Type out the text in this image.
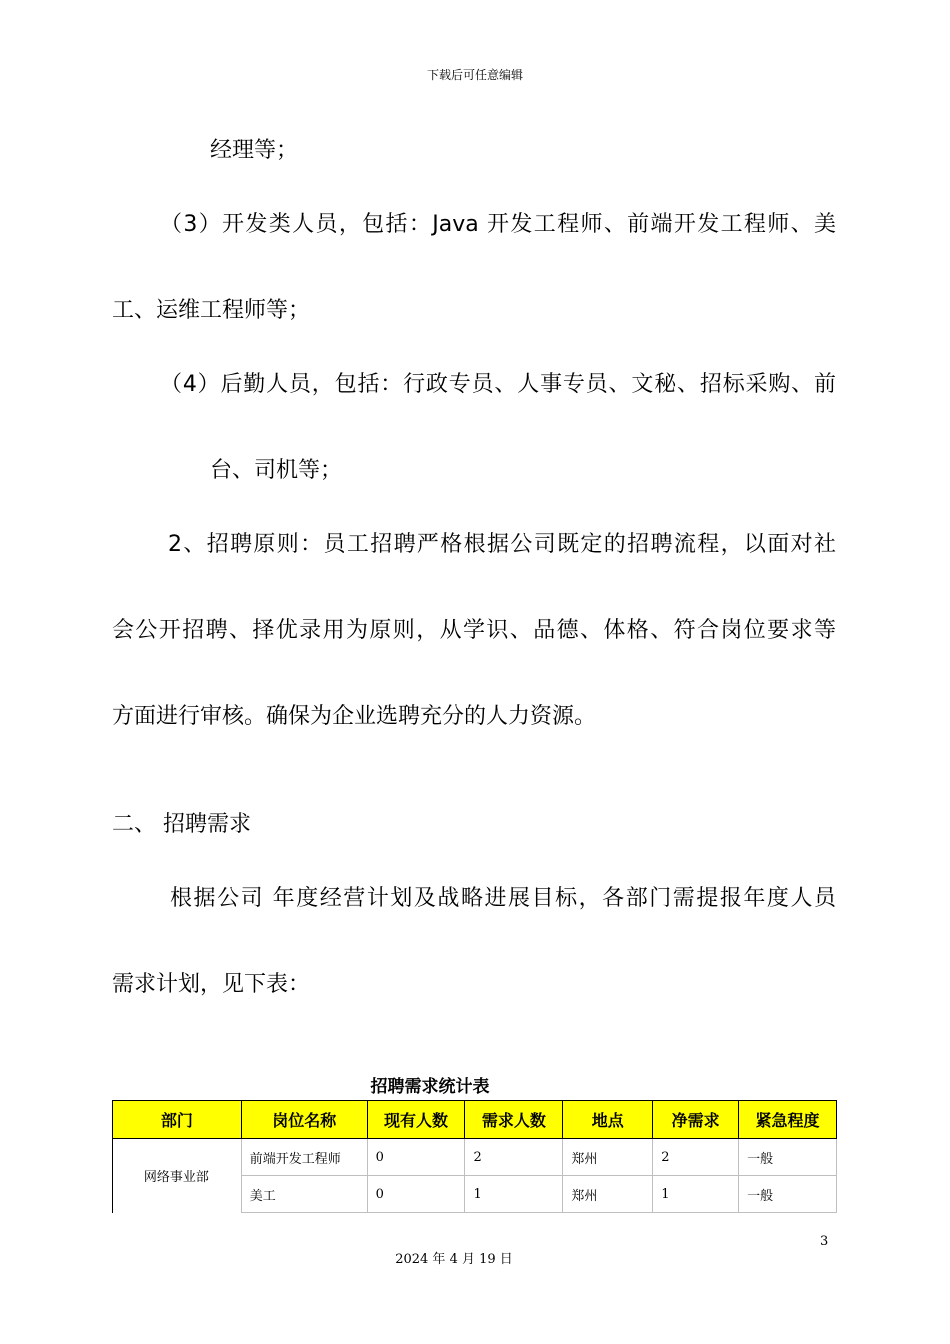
下载后可任意编辑
经理等；
（3）开发类人员，包括：Java 开发工程师、前端开发工程师、美
工、运维工程师等；
（4）后勤人员，包括：行政专员、人事专员、文秘、招标采购、前
台、司机等；
2、招聘原则：员工招聘严格根据公司既定的招聘流程，以面对社
会公开招聘、择优录用为原则，从学识、品德、体格、符合岗位要求等
方面进行审核。确保为企业选聘充分的人力资源。
二、 招聘需求
根据公司 年度经营计划及战略进展目标，各部门需提报年度人员
需求计划，见下表：
招聘需求统计表
部门	岗位名称	现有人数	需求人数	地点	净需求	紧急程度
网络事业部	前端开发工程师	0	2	郑州	2	一般
	美工	0	1	郑州	1	一般
3
2024 年 4 月 19 日
